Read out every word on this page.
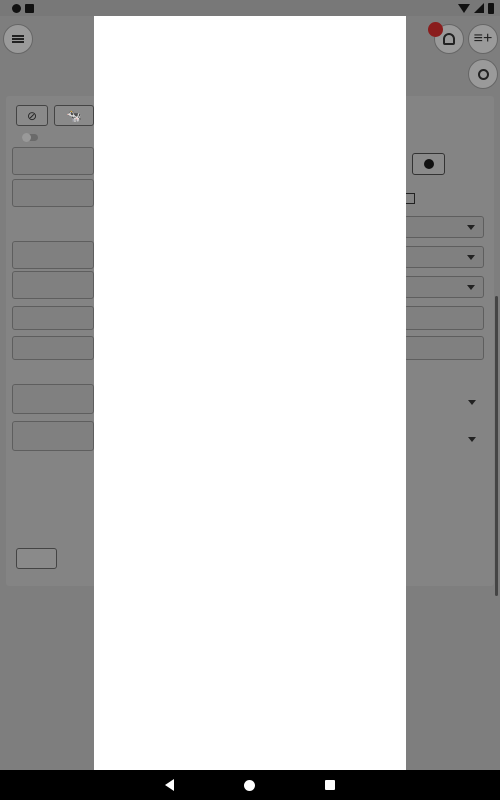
≡+
⊘ 🐄
